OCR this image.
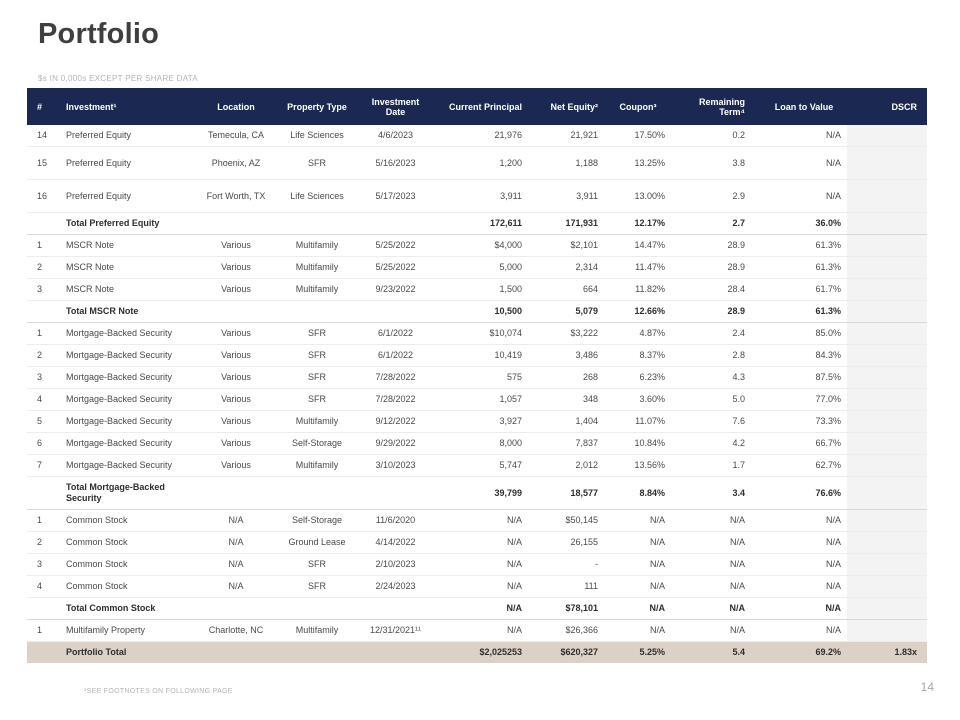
Portfolio
$s IN 0,000s EXCEPT PER SHARE DATA
#	Investment¹	Location	Property Type	Investment Date	Current Principal	Net Equity²	Coupon³	Remaining Term⁴	Loan to Value	DSCR
14	Preferred Equity	Temecula, CA	Life Sciences	4/6/2023	21,976	21,921	17.50%	0.2	N/A	
15	Preferred Equity	Phoenix, AZ	SFR	5/16/2023	1,200	1,188	13.25%	3.8	N/A	
16	Preferred Equity	Fort Worth, TX	Life Sciences	5/17/2023	3,911	3,911	13.00%	2.9	N/A	
	Total Preferred Equity				172,611	171,931	12.17%	2.7	36.0%	
1	MSCR Note	Various	Multifamily	5/25/2022	$4,000	$2,101	14.47%	28.9	61.3%	
2	MSCR Note	Various	Multifamily	5/25/2022	5,000	2,314	11.47%	28.9	61.3%	
3	MSCR Note	Various	Multifamily	9/23/2022	1,500	664	11.82%	28.4	61.7%	
	Total MSCR Note				10,500	5,079	12.66%	28.9	61.3%	
1	Mortgage-Backed Security	Various	SFR	6/1/2022	$10,074	$3,222	4.87%	2.4	85.0%	
2	Mortgage-Backed Security	Various	SFR	6/1/2022	10,419	3,486	8.37%	2.8	84.3%	
3	Mortgage-Backed Security	Various	SFR	7/28/2022	575	268	6.23%	4.3	87.5%	
4	Mortgage-Backed Security	Various	SFR	7/28/2022	1,057	348	3.60%	5.0	77.0%	
5	Mortgage-Backed Security	Various	Multifamily	9/12/2022	3,927	1,404	11.07%	7.6	73.3%	
6	Mortgage-Backed Security	Various	Self-Storage	9/29/2022	8,000	7,837	10.84%	4.2	66.7%	
7	Mortgage-Backed Security	Various	Multifamily	3/10/2023	5,747	2,012	13.56%	1.7	62.7%	
	Total Mortgage-Backed Security				39,799	18,577	8.84%	3.4	76.6%	
1	Common Stock	N/A	Self-Storage	11/6/2020	N/A	$50,145	N/A	N/A	N/A	
2	Common Stock	N/A	Ground Lease	4/14/2022	N/A	26,155	N/A	N/A	N/A	
3	Common Stock	N/A	SFR	2/10/2023	N/A	-	N/A	N/A	N/A	
4	Common Stock	N/A	SFR	2/24/2023	N/A	111	N/A	N/A	N/A	
	Total Common Stock				N/A	$78,101	N/A	N/A	N/A	
1	Multifamily Property	Charlotte, NC	Multifamily	12/31/2021¹¹	N/A	$26,366	N/A	N/A	N/A	
	Portfolio Total				$2,025253	$620,327	5.25%	5.4	69.2%	1.83x
¹SEE FOOTNOTES ON FOLLOWING PAGE	14
